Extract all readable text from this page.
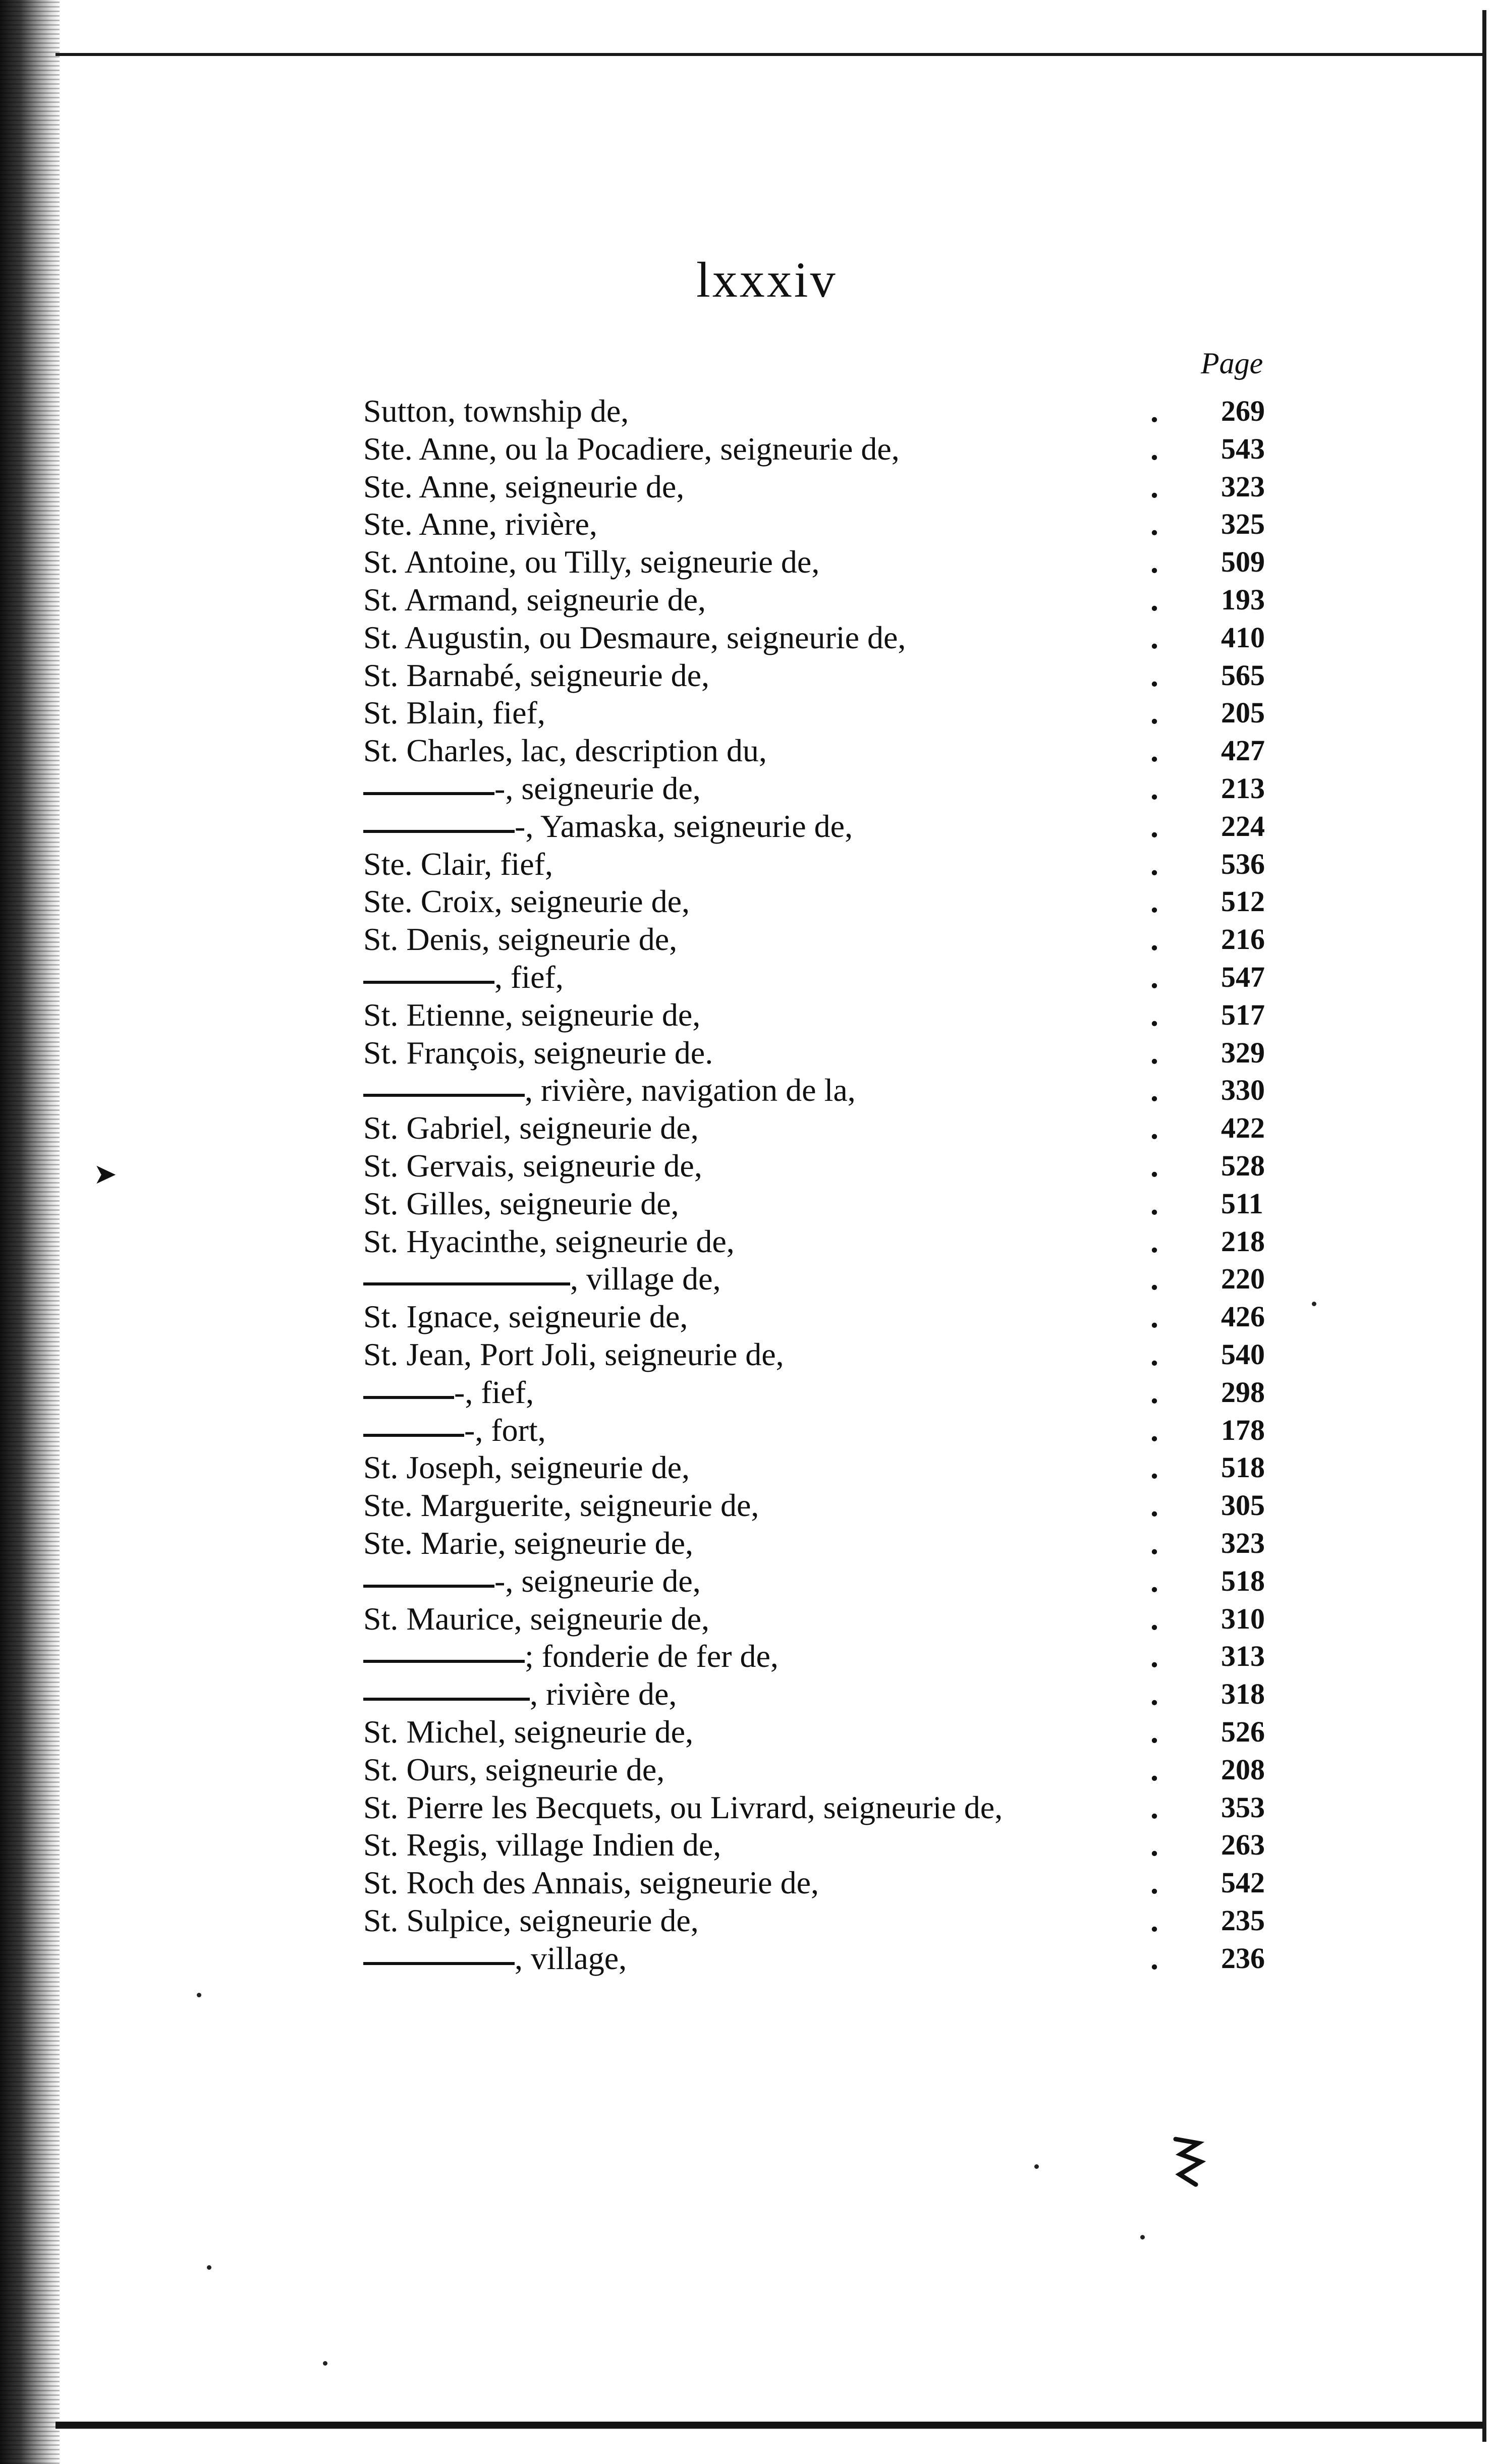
lxxxiv
Page
Sutton, township de,	. 269
Ste. Anne, ou la Pocadiere, seigneurie de,	. 543
Ste. Anne, seigneurie de,	. 323
Ste. Anne, rivière,	. 325
St. Antoine, ou Tilly, seigneurie de,	. 509
St. Armand, seigneurie de,	. 193
St. Augustin, ou Desmaure, seigneurie de,	. 410
St. Barnabé, seigneurie de,	. 565
St. Blain, fief,	. 205
St. Charles, lac, description du,	. 427
-, seigneurie de,	. 213
-, Yamaska, seigneurie de,	. 224
Ste. Clair, fief,	. 536
Ste. Croix, seigneurie de,	. 512
St. Denis, seigneurie de,	. 216
, fief,	. 547
St. Etienne, seigneurie de,	. 517
St. François, seigneurie de.	. 329
, rivière, navigation de la,	. 330
St. Gabriel, seigneurie de,	. 422
St. Gervais, seigneurie de,	. 528
St. Gilles, seigneurie de,	. 511
St. Hyacinthe, seigneurie de,	. 218
, village de,	. 220
St. Ignace, seigneurie de,	. 426
St. Jean, Port Joli, seigneurie de,	. 540
-, fief,	. 298
-, fort,	. 178
St. Joseph, seigneurie de,	. 518
Ste. Marguerite, seigneurie de,	. 305
Ste. Marie, seigneurie de,	. 323
-, seigneurie de,	. 518
St. Maurice, seigneurie de,	. 310
; fonderie de fer de,	. 313
, rivière de,	. 318
St. Michel, seigneurie de,	. 526
St. Ours, seigneurie de,	. 208
St. Pierre les Becquets, ou Livrard, seigneurie de,	. 353
St. Regis, village Indien de,	. 263
St. Roch des Annais, seigneurie de,	. 542
St. Sulpice, seigneurie de,	. 235
, village,	. 236
➤
